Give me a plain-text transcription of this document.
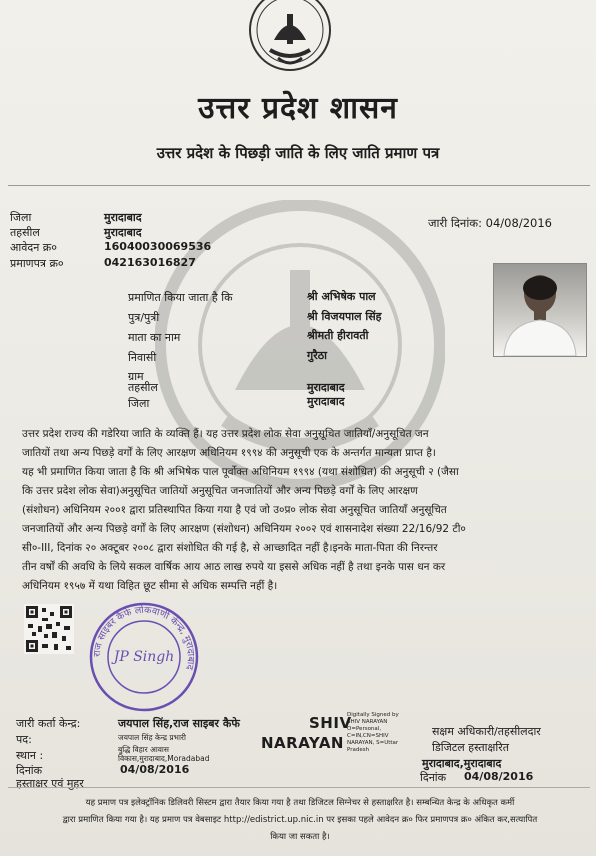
उत्तर प्रदेश शासन
उत्तर प्रदेश के पिछड़ी जाति के लिए जाति प्रमाण पत्र
जिला	मुरादाबाद
तहसील	मुरादाबाद
आवेदन क्र०	16040030069536
प्रमाणपत्र क्र०	042163016827
जारी दिनांक: 04/08/2016
प्रमाणित किया जाता है कि	श्री अभिषेक पाल
पुत्र/पुत्री	श्री विजयपाल सिंह
माता का नाम	श्रीमती हीरावती
निवासी	गुरैठा
ग्राम
तहसील	मुरादाबाद
जिला	मुरादाबाद
उत्तर प्रदेश राज्य की गडेरिया जाति के व्यक्ति हैं। यह उत्तर प्रदेश लोक सेवा अनुसूचित जातियाँ/अनुसूचित जन
जातियों तथा अन्य पिछड़े वर्गों के लिए आरक्षण अधिनियम १९९४ की अनुसूची एक के अन्तर्गत मान्यता प्राप्त है।
यह भी प्रमाणित किया जाता है कि श्री अभिषेक पाल पूर्वोक्त अधिनियम १९९४ (यथा संशोधित) की अनुसूची २ (जैसा
कि उत्तर प्रदेश लोक सेवा)अनुसूचित जातियों अनुसूचित जनजातियों और अन्य पिछड़े वर्गों के लिए आरक्षण
(संशोधन) अधिनियम २००१ द्वारा प्रतिस्थापित किया गया है एवं जो उ०प्र० लोक सेवा अनुसूचित जातियाँ अनुसूचित
जनजातियों और अन्य पिछड़े वर्गों के लिए आरक्षण (संशोधन) अधिनियम २००२ एवं शासनादेश संख्या 22/16/92 टी०
सी०-III, दिनांक २० अक्टूबर २००८ द्वारा संशोधित की गई है, से आच्छादित नहीं है।इनके माता-पिता की निरन्तर
तीन वर्षों की अवधि के लिये सकल वार्षिक आय आठ लाख रुपये या इससे अधिक नहीं है तथा इनके पास धन कर
अधिनियम १९५७ में यथा विहित छूट सीमा से अधिक सम्पत्ति नहीं है।
राज साइबर कैफे लोकवाणी केन्द्र, मुरादाबाद
JP Singh
जारी कर्ता केन्द्र:	जयपाल सिंह,राज साइबर कैफे
पद:	जयपाल सिंह केन्द्र प्रभारी
स्थान :	बुद्धि विहार आवास
विकास,मुरादाबाद,Moradabad
दिनांक	04/08/2016
हस्ताक्षर एवं मुहर
SHIV
NARAYAN
Digitally Signed by
SHIV NARAYAN
O=Personal,
C=IN,CN=SHIV
NARAYAN, S=Uttar
Pradesh
सक्षम अधिकारी/तहसीलदार
डिजिटल हस्ताक्षरित
मुरादाबाद,मुरादाबाद
दिनांक 04/08/2016
यह प्रमाण पत्र इलेक्ट्रॉनिक डिलिवरी सिस्टम द्वारा तैयार किया गया है तथा डिजिटल सिग्नेचर से हस्ताक्षरित है। सम्बन्धित केन्द्र के अधिकृत कर्मी
द्वारा प्रमाणित किया गया है। यह प्रमाण पत्र वेबसाइट http://edistrict.up.nic.in पर इसका पहले आवेदन क्र० फिर प्रमाणपत्र क्र० अंकित कर,सत्यापित
किया जा सकता है।
